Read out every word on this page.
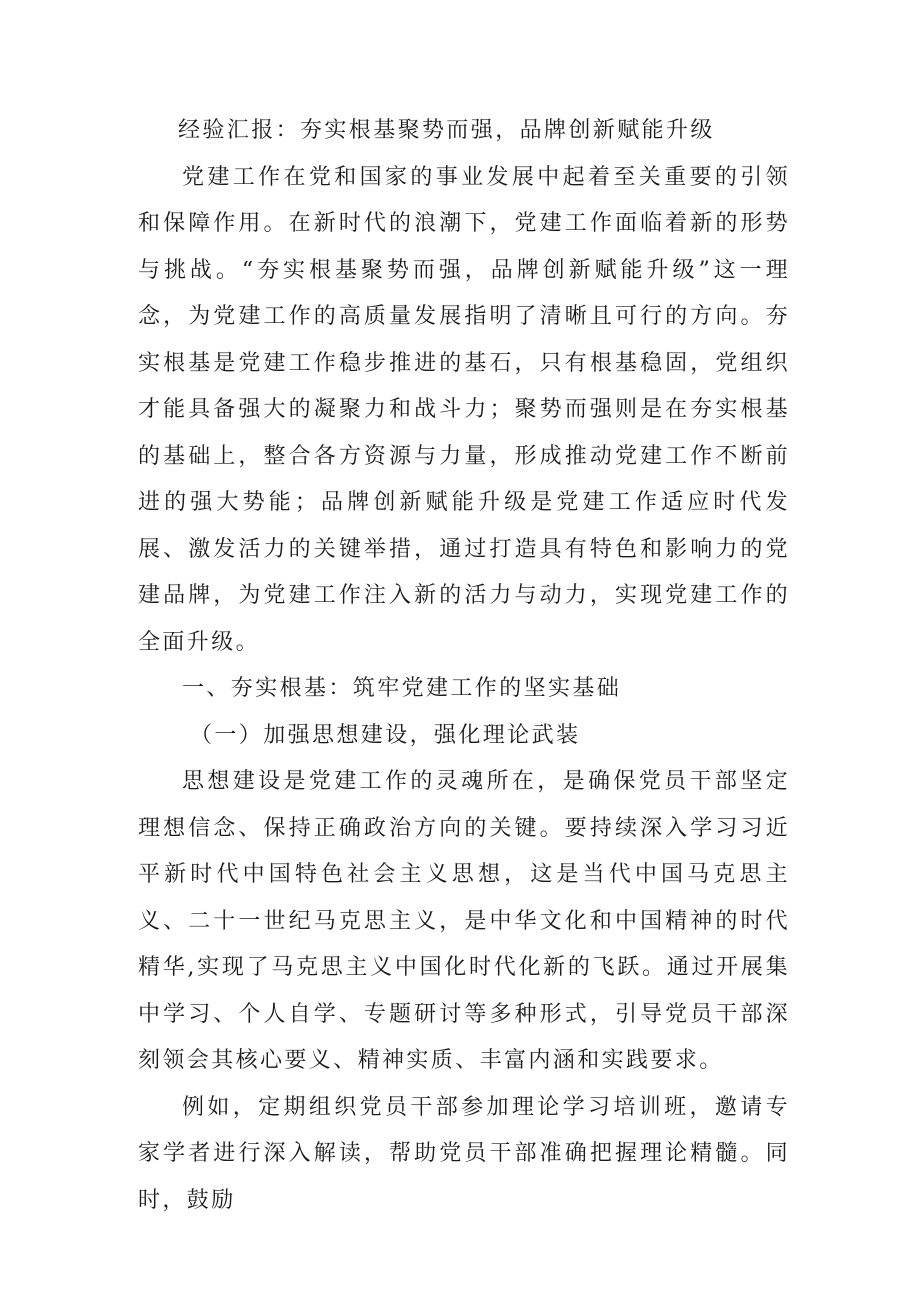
经验汇报：夯实根基聚势而强，品牌创新赋能升级

党建工作在党和国家的事业发展中起着至关重要的引领和保障作用。在新时代的浪潮下，党建工作面临着新的形势与挑战。“夯实根基聚势而强，品牌创新赋能升级”这一理念，为党建工作的高质量发展指明了清晰且可行的方向。夯实根基是党建工作稳步推进的基石，只有根基稳固，党组织才能具备强大的凝聚力和战斗力；聚势而强则是在夯实根基的基础上，整合各方资源与力量，形成推动党建工作不断前进的强大势能；品牌创新赋能升级是党建工作适应时代发展、激发活力的关键举措，通过打造具有特色和影响力的党建品牌，为党建工作注入新的活力与动力，实现党建工作的全面升级。

一、夯实根基：筑牢党建工作的坚实基础
（一）加强思想建设，强化理论武装

思想建设是党建工作的灵魂所在，是确保党员干部坚定理想信念、保持正确政治方向的关键。要持续深入学习习近平新时代中国特色社会主义思想，这是当代中国马克思主义、二十一世纪马克思主义，是中华文化和中国精神的时代精华,实现了马克思主义中国化时代化新的飞跃。通过开展集中学习、个人自学、专题研讨等多种形式，引导党员干部深刻领会其核心要义、精神实质、丰富内涵和实践要求。

例如，定期组织党员干部参加理论学习培训班，邀请专家学者进行深入解读，帮助党员干部准确把握理论精髓。同时，鼓励
